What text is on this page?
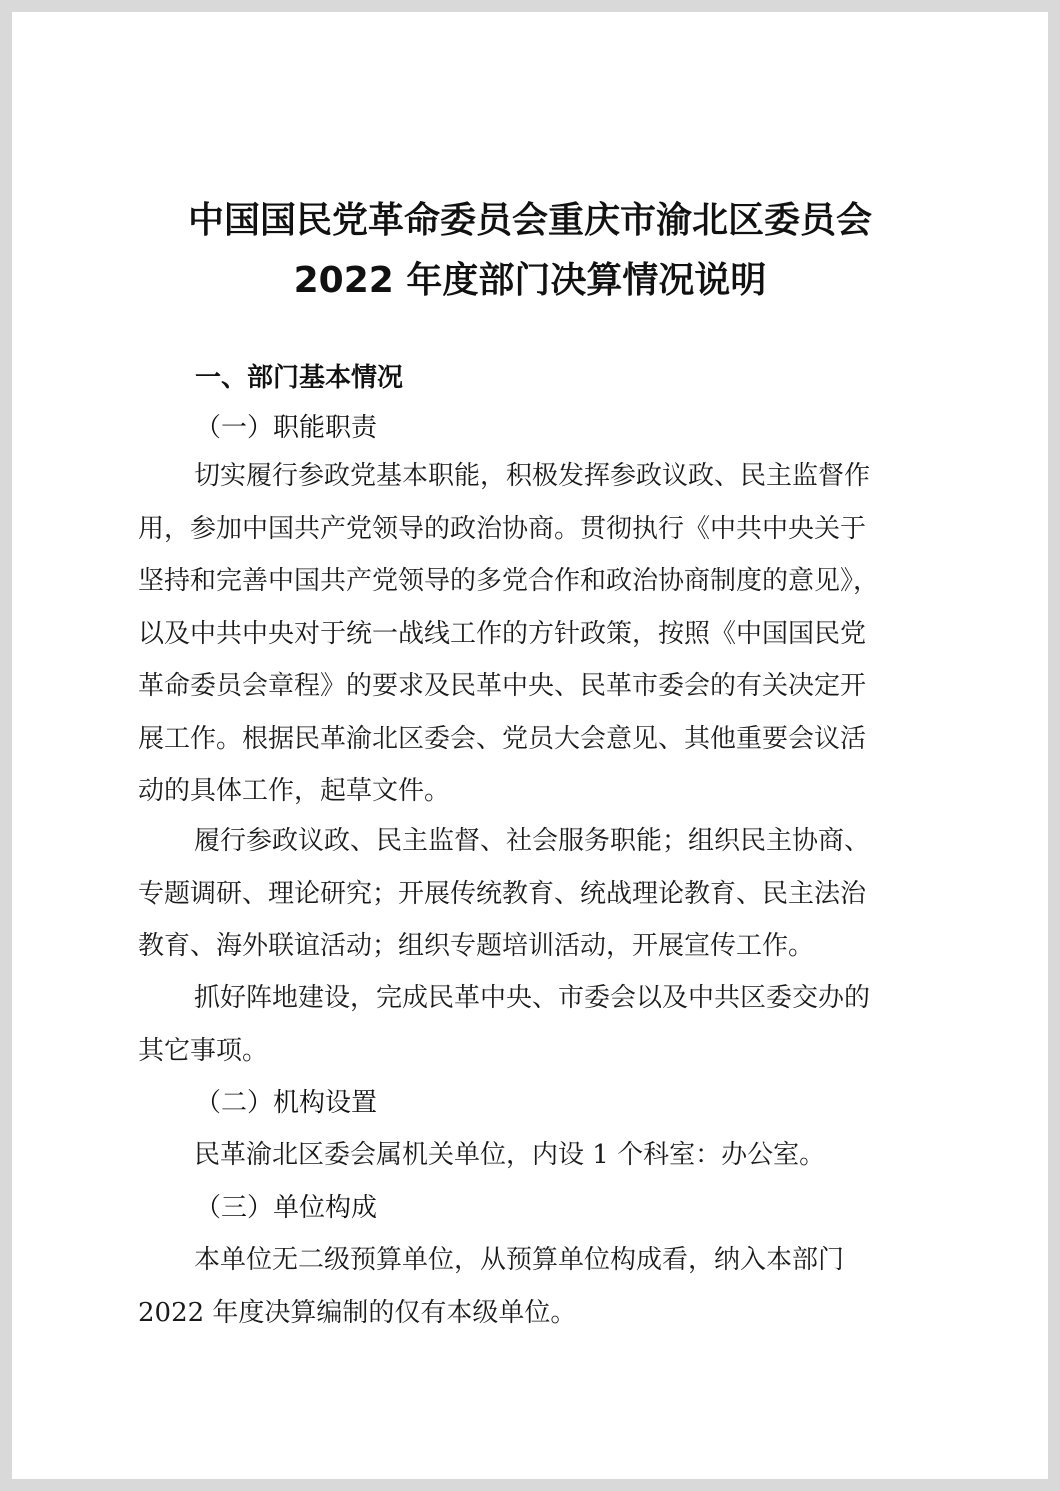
中国国民党革命委员会重庆市渝北区委员会
2022 年度部门决算情况说明
一、部门基本情况
（一）职能职责
切实履行参政党基本职能，积极发挥参政议政、民主监督作
用，参加中国共产党领导的政治协商。贯彻执行《中共中央关于
坚持和完善中国共产党领导的多党合作和政治协商制度的意见》，
以及中共中央对于统一战线工作的方针政策，按照《中国国民党
革命委员会章程》的要求及民革中央、民革市委会的有关决定开
展工作。根据民革渝北区委会、党员大会意见、其他重要会议活
动的具体工作，起草文件。
履行参政议政、民主监督、社会服务职能；组织民主协商、
专题调研、理论研究；开展传统教育、统战理论教育、民主法治
教育、海外联谊活动；组织专题培训活动，开展宣传工作。
抓好阵地建设，完成民革中央、市委会以及中共区委交办的
其它事项。
（二）机构设置
民革渝北区委会属机关单位，内设 1 个科室：办公室。
（三）单位构成
本单位无二级预算单位，从预算单位构成看，纳入本部门
2022 年度决算编制的仅有本级单位。
